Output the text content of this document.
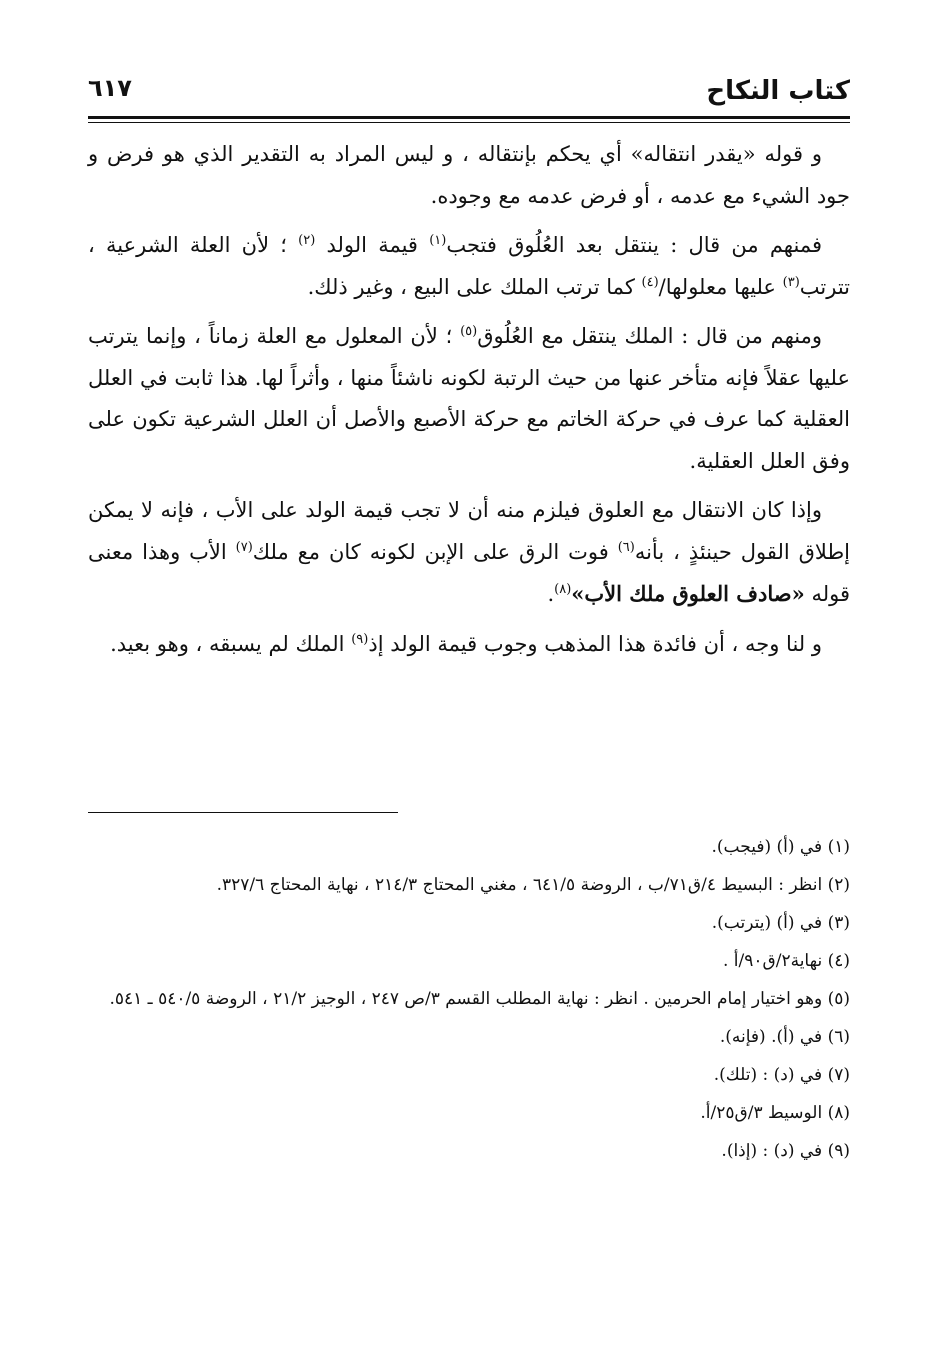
كتاب النكاح
٦١٧

و قوله «يقدر انتقاله» أي يحكم بإنتقاله ، و ليس المراد به التقدير الذي هو فرض و جود الشيء مع عدمه ، أو فرض عدمه مع وجوده.

فمنهم من قال : ينتقل بعد العُلُوق فتجب$^{(١)}$ قيمة الولد $^{(٢)}$ ؛ لأن العلة الشرعية ، تترتب$^{(٣)}$ عليها معلولها/$^{(٤)}$ كما ترتب الملك على البيع ، وغير ذلك.

ومنهم من قال : الملك ينتقل مع العُلُوق$^{(٥)}$ ؛ لأن المعلول مع العلة زماناً ، وإنما يترتب عليها عقلاً فإنه متأخر عنها من حيث الرتبة لكونه ناشئاً منها ، وأثراً لها. هذا ثابت في العلل العقلية كما عرف في حركة الخاتم مع حركة الأصبع والأصل أن العلل الشرعية تكون على وفق العلل العقلية.

وإذا كان الانتقال مع العلوق فيلزم منه أن لا تجب قيمة الولد على الأب ، فإنه لا يمكن إطلاق القول حينئذٍ ، بأنه$^{(٦)}$ فوت الرق على الإبن لكونه كان مع ملك$^{(٧)}$ الأب وهذا معنى قوله «صادف العلوق ملك الأب»$^{(٨)}$.

و لنا وجه ، أن فائدة هذا المذهب وجوب قيمة الولد إذ$^{(٩)}$ الملك لم يسبقه ، وهو بعيد.

(١) في (أ) (فيجب).

(٢) انظر : البسيط ٤/ق٧١/ب ، الروضة ٦٤١/٥ ، مغني المحتاج ٢١٤/٣ ، نهاية المحتاج ٣٢٧/٦.

(٣) في (أ) (يترتب).

(٤) نهاية٢/ق٩٠/أ .

(٥) وهو اختيار إمام الحرمين . انظر : نهاية المطلب القسم ٣/ص ٢٤٧ ، الوجيز ٢١/٢ ، الروضة ٥٤٠/٥ ـ ٥٤١.

(٦) في (أ). (فإنه).

(٧) في (د) : (تلك).

(٨) الوسيط ٣/ق٢٥/أ.

(٩) في (د) : (إذا).
